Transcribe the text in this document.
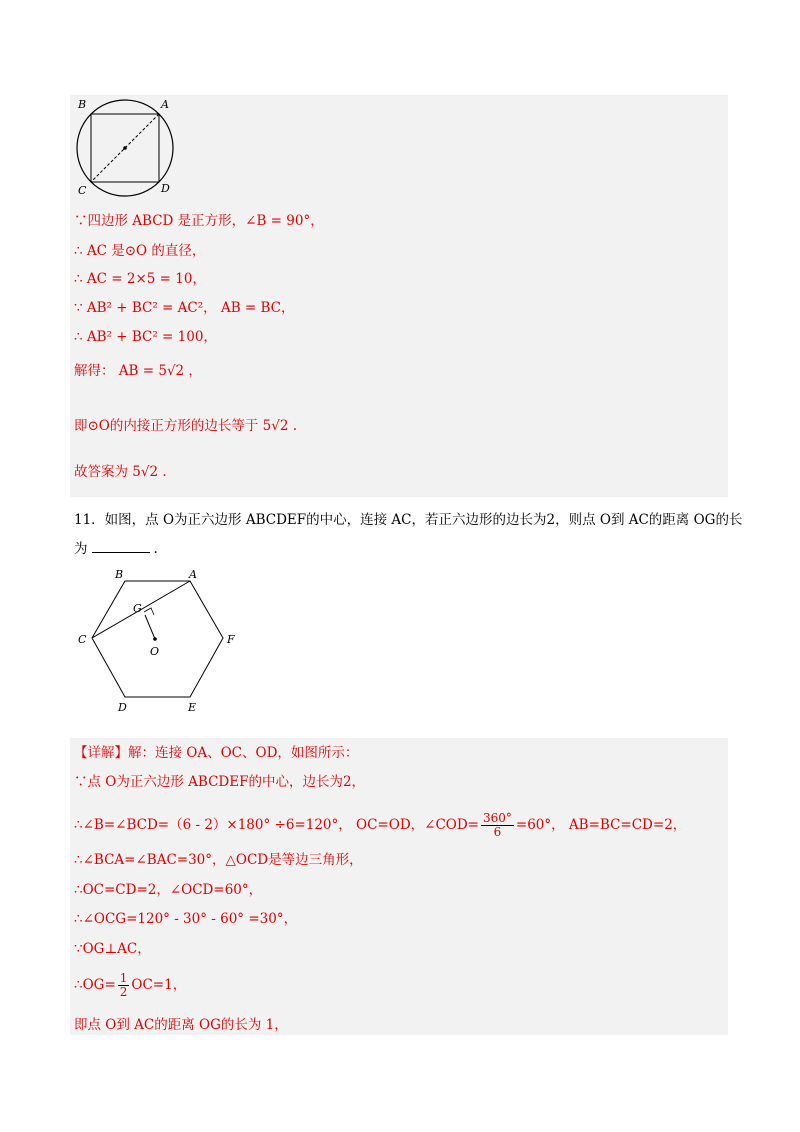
B	A
C	D
∵四边形 ABCD 是正方形，∠B = 90°，
∴ AC 是⊙O 的直径，
∴ AC = 2×5 = 10，
∵ AB² + BC² = AC²， AB = BC，
∴ AB² + BC² = 100，
解得： AB = 5√2 ，
即⊙O的内接正方形的边长等于 5√2 .
故答案为 5√2 .
11．如图，点 O为正六边形 ABCDEF的中心，连接 AC，若正六边形的边长为2，则点 O到 AC的距离 OG的长
为	.
B	A
C	F
D	E
G
O
【详解】解：连接 OA、OC、OD，如图所示：
∵点 O为正六边形 ABCDEF的中心，边长为2，
∴∠B=∠BCD=（6 - 2）×180° ÷6=120°， OC=OD，∠COD= $\frac{360^\circ}{6} =60^\circ$， AB=BC=CD=2，
∴∠BCA=∠BAC=30°，△OCD是等边三角形，
∴OC=CD=2，∠OCD=60°，
∴∠OCG=120° - 30° - 60° =30°，
∵OG⊥AC，
∴OG= $\frac{1}{2} OC=1$，
即点 O到 AC的距离 OG的长为 1，
